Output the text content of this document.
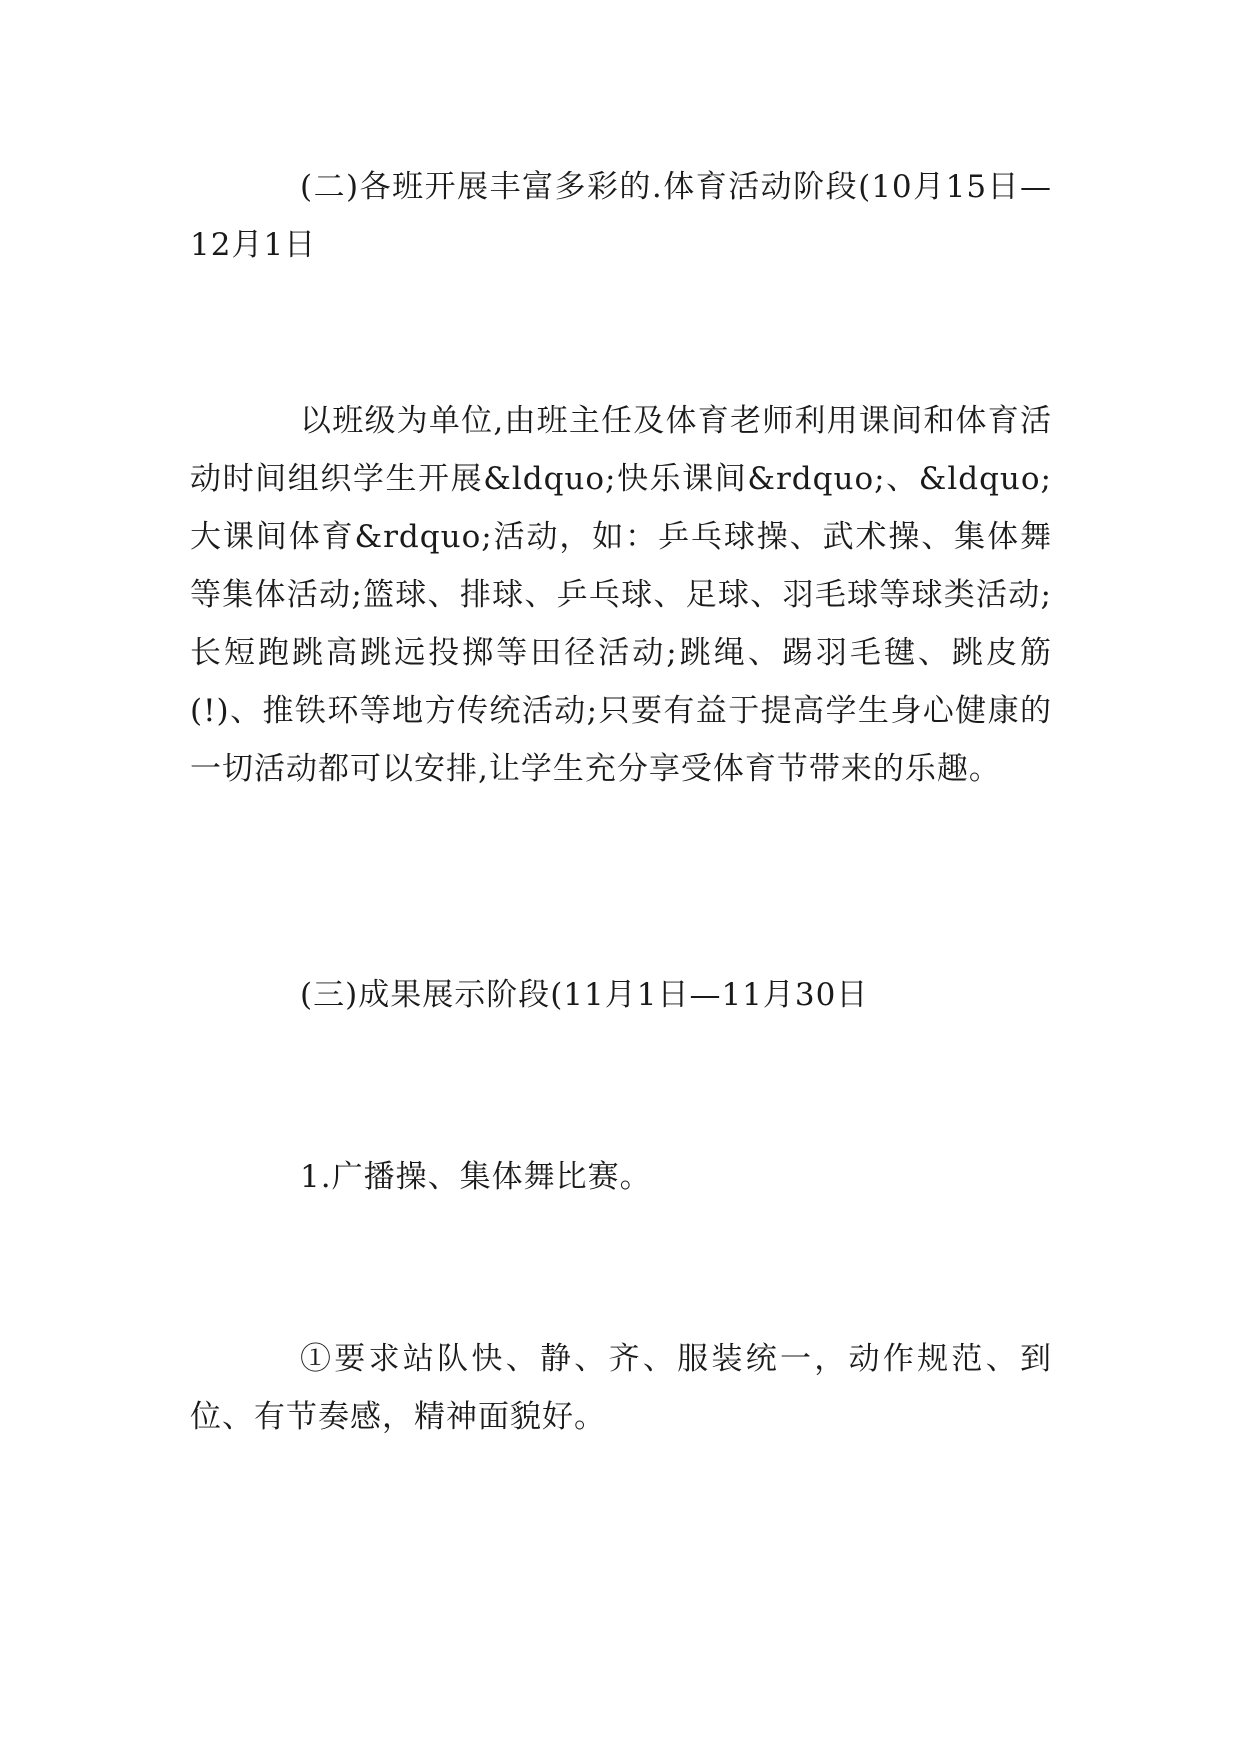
(二)各班开展丰富多彩的.体育活动阶段(10月15日—12月1日

以班级为单位,由班主任及体育老师利用课间和体育活动时间组织学生开展&ldquo;快乐课间&rdquo;、&ldquo;大课间体育&rdquo;活动，如：乒乓球操、武术操、集体舞等集体活动;篮球、排球、乒乓球、足球、羽毛球等球类活动;长短跑跳高跳远投掷等田径活动;跳绳、踢羽毛毽、跳皮筋(!)、推铁环等地方传统活动;只要有益于提高学生身心健康的一切活动都可以安排,让学生充分享受体育节带来的乐趣。

(三)成果展示阶段(11月1日—11月30日

1.广播操、集体舞比赛。

①要求站队快、静、齐、服装统一，动作规范、到位、有节奏感，精神面貌好。
